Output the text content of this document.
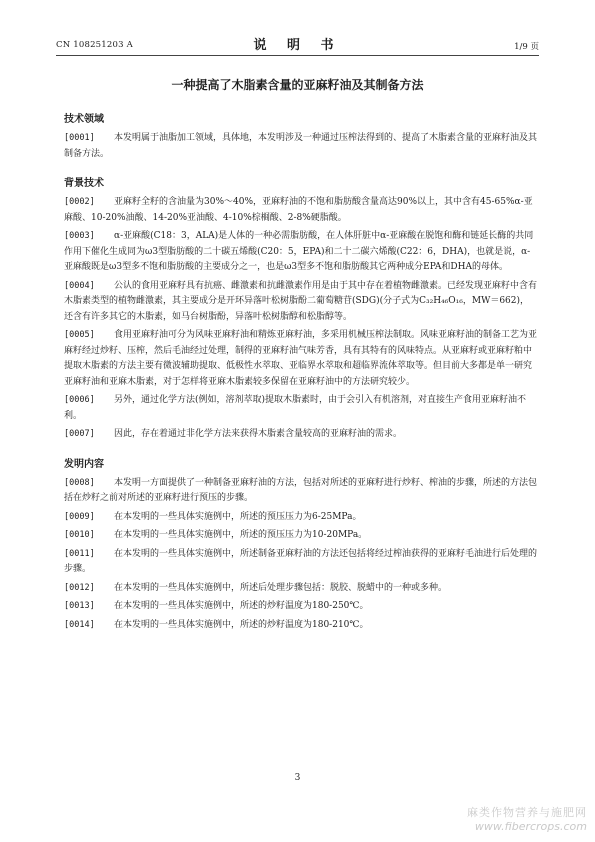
CN 108251203 A	说 明 书	1/9 页
一种提高了木脂素含量的亚麻籽油及其制备方法
技术领域

[0001] 本发明属于油脂加工领域，具体地，本发明涉及一种通过压榨法得到的、提高了木脂素含量的亚麻籽油及其制备方法。

背景技术

[0002] 亚麻籽全籽的含油量为30%～40%，亚麻籽油的不饱和脂肪酸含量高达90%以上，其中含有45-65%α-亚麻酸、10-20%油酸、14-20%亚油酸、4-10%棕榈酸、2-8%硬脂酸。

[0003] α-亚麻酸(C18：3，ALA)是人体的一种必需脂肪酸，在人体肝脏中α-亚麻酸在脱饱和酶和链延长酶的共同作用下催化生成同为ω3型脂肪酸的二十碳五烯酸(C20：5，EPA)和二十二碳六烯酸(C22：6，DHA)，也就是说，α-亚麻酸既是ω3型多不饱和脂肪酸的主要成分之一，也是ω3型多不饱和脂肪酸其它两种成分EPA和DHA的母体。

[0004] 公认的食用亚麻籽具有抗癌、雌激素和抗雌激素作用是由于其中存在着植物雌激素。已经发现亚麻籽中含有木脂素类型的植物雌激素，其主要成分是开环异落叶松树脂酚二葡萄糖苷(SDG)(分子式为C₃₂H₄₆O₁₆，MW＝662)，还含有许多其它的木脂素，如马台树脂酚，异落叶松树脂醇和松脂醇等。

[0005] 食用亚麻籽油可分为风味亚麻籽油和精炼亚麻籽油，多采用机械压榨法制取。风味亚麻籽油的制备工艺为亚麻籽经过炒籽、压榨，然后毛油经过处理，制得的亚麻籽油气味芳香，具有其特有的风味特点。从亚麻籽或亚麻籽粕中提取木脂素的方法主要有微波辅助提取、低极性水萃取、亚临界水萃取和超临界流体萃取等。但目前大多都是单一研究亚麻籽油和亚麻木脂素，对于怎样将亚麻木脂素较多保留在亚麻籽油中的方法研究较少。

[0006] 另外，通过化学方法(例如，溶剂萃取)提取木脂素时，由于会引入有机溶剂，对直接生产食用亚麻籽油不利。

[0007] 因此，存在着通过非化学方法来获得木脂素含量较高的亚麻籽油的需求。

发明内容

[0008] 本发明一方面提供了一种制备亚麻籽油的方法，包括对所述的亚麻籽进行炒籽、榨油的步骤，所述的方法包括在炒籽之前对所述的亚麻籽进行预压的步骤。

[0009] 在本发明的一些具体实施例中，所述的预压压力为6-25MPa。

[0010] 在本发明的一些具体实施例中，所述的预压压力为10-20MPa。

[0011] 在本发明的一些具体实施例中，所述制备亚麻籽油的方法还包括将经过榨油获得的亚麻籽毛油进行后处理的步骤。

[0012] 在本发明的一些具体实施例中，所述后处理步骤包括：脱胶、脱蜡中的一种或多种。

[0013] 在本发明的一些具体实施例中，所述的炒籽温度为180-250℃。

[0014] 在本发明的一些具体实施例中，所述的炒籽温度为180-210℃。

3
麻类作物营养与施肥网
www.fibercrops.com
